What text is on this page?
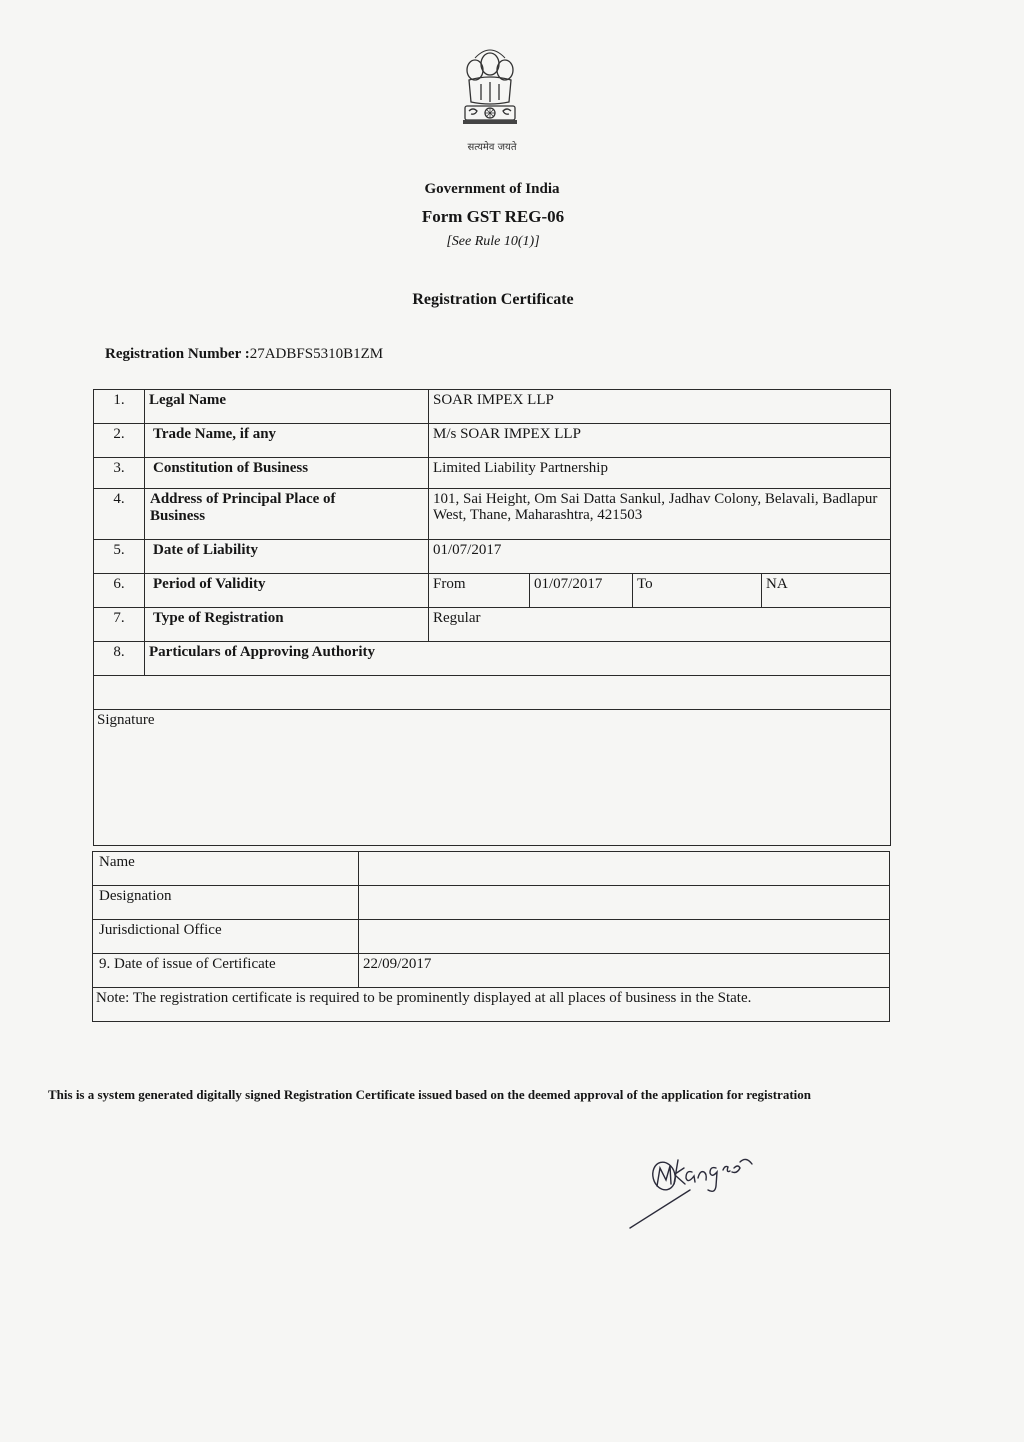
सत्यमेव जयते
Government of India
Form GST REG-06
[See Rule 10(1)]
Registration Certificate
Registration Number :27ADBFS5310B1ZM
1.	Legal Name	SOAR IMPEX LLP			
2.	Trade Name, if any	M/s SOAR IMPEX LLP			
3.	Constitution of Business	Limited Liability Partnership			
4.	Address of Principal Place of Business	101, Sai Height, Om Sai Datta Sankul, Jadhav Colony, Belavali, Badlapur West, Thane, Maharashtra, 421503			
5.	Date of Liability	01/07/2017			
6.	Period of Validity	From	01/07/2017	To	NA
7.	Type of Registration	Regular			
8.	Particulars of Approving Authority				

Signature					
Name	
Designation	
Jurisdictional Office	
9. Date of issue of Certificate	22/09/2017
Note: The registration certificate is required to be prominently displayed at all places of business in the State.	
This is a system generated digitally signed Registration Certificate issued based on the deemed approval of the application for registration
